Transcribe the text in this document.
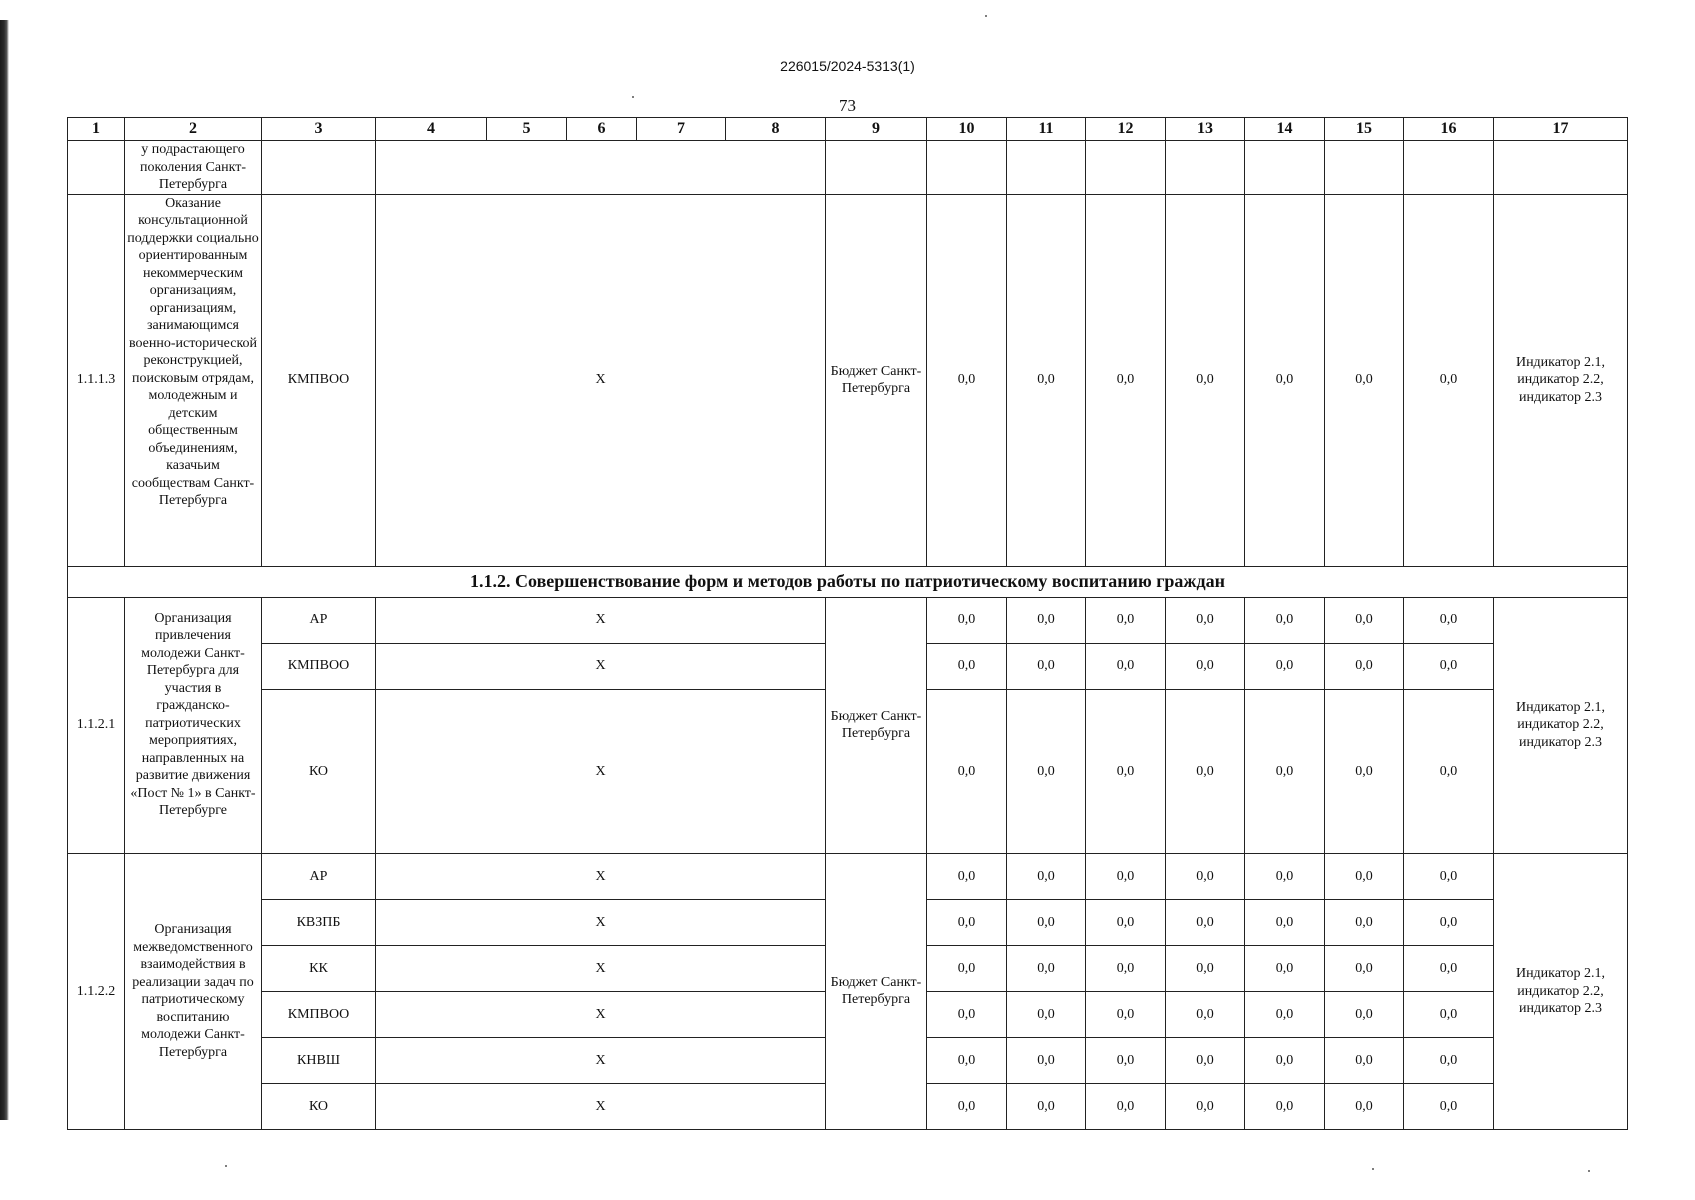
226015/2024-5313(1)
73
1	2	3	4	5	6	7	8	9	10	11	12	13	14	15	16	17
	у подрастающего поколения Санкт-Петербурга															
1.1.1.3	Оказание консультационной поддержки социально ориентированным некоммерческим организациям, организациям, занимающимся военно-исторической реконструкцией, поисковым отрядам, молодежным и детским общественным объединениям, казачьим сообществам Санкт-Петербурга	КМПВОО	Х					Бюджет Санкт-Петербурга	0,0	0,0	0,0	0,0	0,0	0,0	0,0	Индикатор 2.1, индикатор 2.2, индикатор 2.3
1.1.2. Совершенствование форм и методов работы по патриотическому воспитанию граждан																
1.1.2.1	Организация привлечения молодежи Санкт-Петербурга для участия в гражданско-патриотических мероприятиях, направленных на развитие движения «Пост № 1» в Санкт-Петербурге	АР	Х					Бюджет Санкт-Петербурга	0,0	0,0	0,0	0,0	0,0	0,0	0,0	Индикатор 2.1, индикатор 2.2, индикатор 2.3
		КМПВОО	Х						0,0	0,0	0,0	0,0	0,0	0,0	0,0	
		КО	Х						0,0	0,0	0,0	0,0	0,0	0,0	0,0	
1.1.2.2	Организация межведомственного взаимодействия в реализации задач по патриотическому воспитанию молодежи Санкт-Петербурга	АР	Х					Бюджет Санкт-Петербурга	0,0	0,0	0,0	0,0	0,0	0,0	0,0	Индикатор 2.1, индикатор 2.2, индикатор 2.3
		КВЗПБ	Х						0,0	0,0	0,0	0,0	0,0	0,0	0,0	
		КК	Х						0,0	0,0	0,0	0,0	0,0	0,0	0,0	
		КМПВОО	Х						0,0	0,0	0,0	0,0	0,0	0,0	0,0	
		КНВШ	Х						0,0	0,0	0,0	0,0	0,0	0,0	0,0	
		КО	Х						0,0	0,0	0,0	0,0	0,0	0,0	0,0	
